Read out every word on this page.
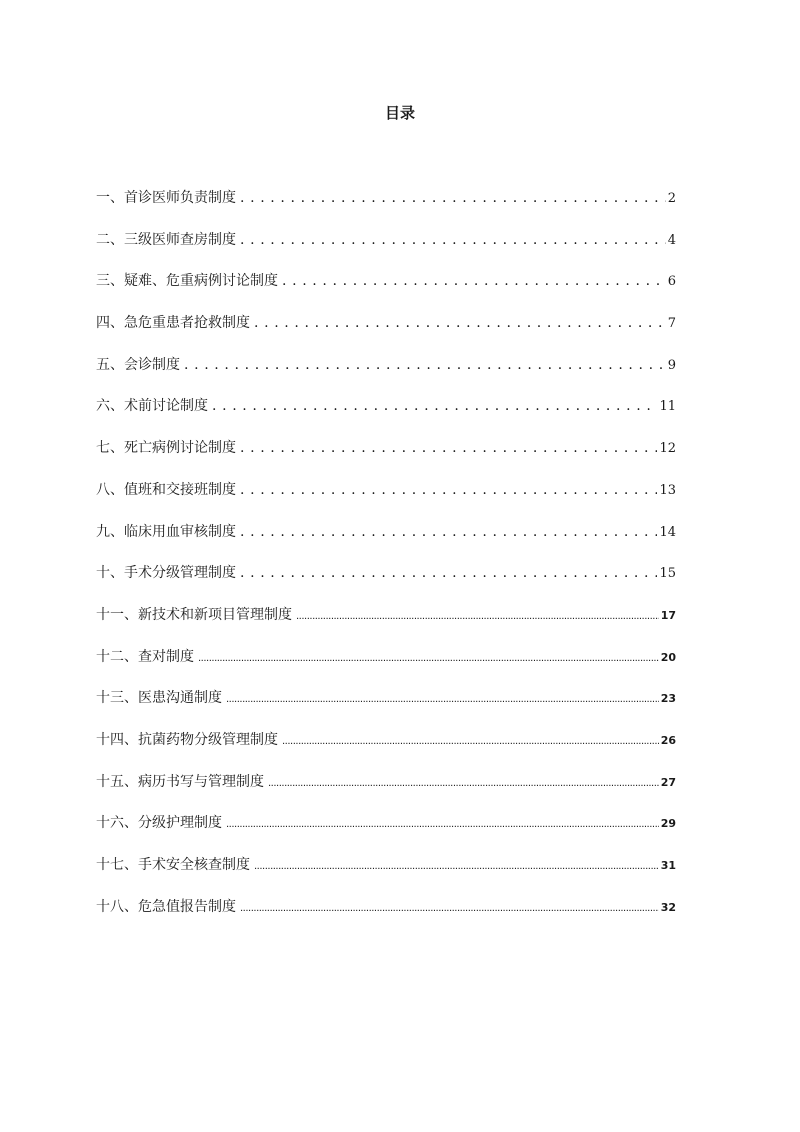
目录
一、首诊医师负责制度 . . .	2
二、三级医师查房制度 . . .	4
三、疑难、危重病例讨论制度 . . .	6
四、急危重患者抢救制度 . . .	7
五、会诊制度 . . .	9
六、术前讨论制度 . . .	11
七、死亡病例讨论制度 . . .	12
八、值班和交接班制度 . . .	13
九、临床用血审核制度 . . .	14
十、手术分级管理制度 . . .	15
十一、新技术和新项目管理制度 .....	17
十二、查对制度 .....	20
十三、医患沟通制度 .....	23
十四、抗菌药物分级管理制度 .....	26
十五、病历书写与管理制度 .....	27
十六、分级护理制度 .....	29
十七、手术安全核查制度 .....	31
十八、危急值报告制度 .....	32
